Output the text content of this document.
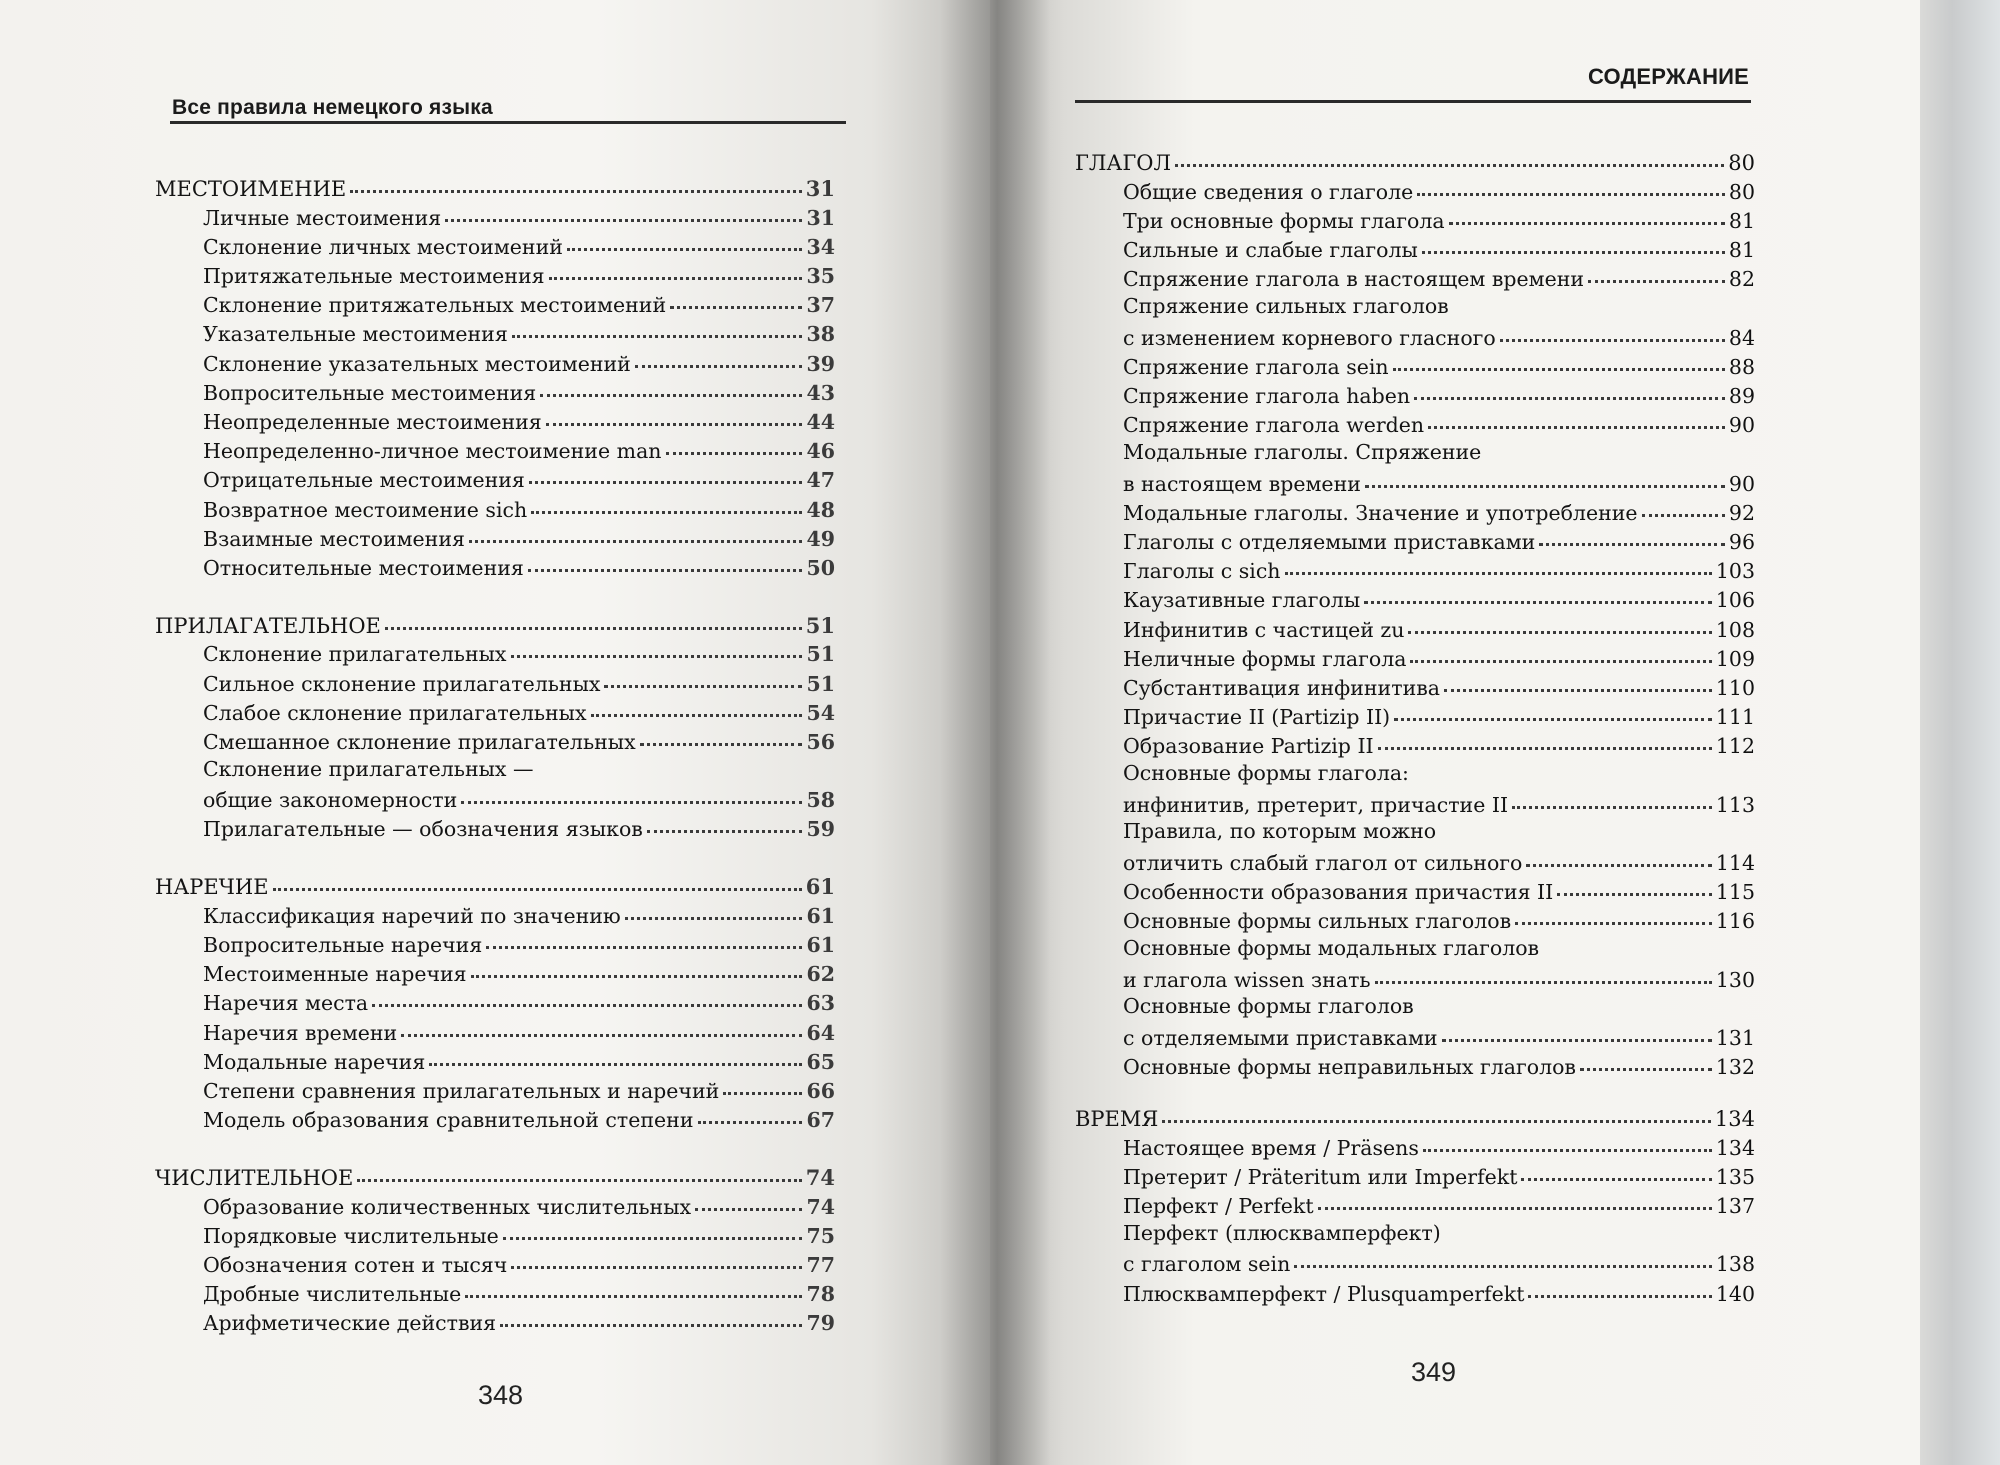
Все правила немецкого языка
МЕСТОИМЕНИЕ	31
Личные местоимения	31
Склонение личных местоимений	34
Притяжательные местоимения	35
Склонение притяжательных местоимений	37
Указательные местоимения	38
Склонение указательных местоимений	39
Вопросительные местоимения	43
Неопределенные местоимения	44
Неопределенно-личное местоимение man	46
Отрицательные местоимения	47
Возвратное местоимение sich	48
Взаимные местоимения	49
Относительные местоимения	50
ПРИЛАГАТЕЛЬНОЕ	51
Склонение прилагательных	51
Сильное склонение прилагательных	51
Слабое склонение прилагательных	54
Смешанное склонение прилагательных	56
Склонение прилагательных —
общие закономерности	58
Прилагательные — обозначения языков	59
НАРЕЧИЕ	61
Классификация наречий по значению	61
Вопросительные наречия	61
Местоименные наречия	62
Наречия места	63
Наречия времени	64
Модальные наречия	65
Степени сравнения прилагательных и наречий	66
Модель образования сравнительной степени	67
ЧИСЛИТЕЛЬНОЕ	74
Образование количественных числительных	74
Порядковые числительные	75
Обозначения сотен и тысяч	77
Дробные числительные	78
Арифметические действия	79
348
СОДЕРЖАНИЕ
ГЛАГОЛ	80
Общие сведения о глаголе	80
Три основные формы глагола	81
Сильные и слабые глаголы	81
Спряжение глагола в настоящем времени	82
Спряжение сильных глаголов
с изменением корневого гласного	84
Спряжение глагола sein	88
Спряжение глагола haben	89
Спряжение глагола werden	90
Модальные глаголы. Спряжение
в настоящем времени	90
Модальные глаголы. Значение и употребление	92
Глаголы с отделяемыми приставками	96
Глаголы с sich	103
Каузативные глаголы	106
Инфинитив с частицей zu	108
Неличные формы глагола	109
Субстантивация инфинитива	110
Причастие II (Partizip II)	111
Образование Partizip II	112
Основные формы глагола:
инфинитив, претерит, причастие II	113
Правила, по которым можно
отличить слабый глагол от сильного	114
Особенности образования причастия II	115
Основные формы сильных глаголов	116
Основные формы модальных глаголов
и глагола wissen знать	130
Основные формы глаголов
с отделяемыми приставками	131
Основные формы неправильных глаголов	132
ВРЕМЯ	134
Настоящее время / Präsens	134
Претерит / Präteritum или Imperfekt	135
Перфект / Perfekt	137
Перфект (плюсквамперфект)
с глаголом sein	138
Плюсквамперфект / Plusquamperfekt	140
349
